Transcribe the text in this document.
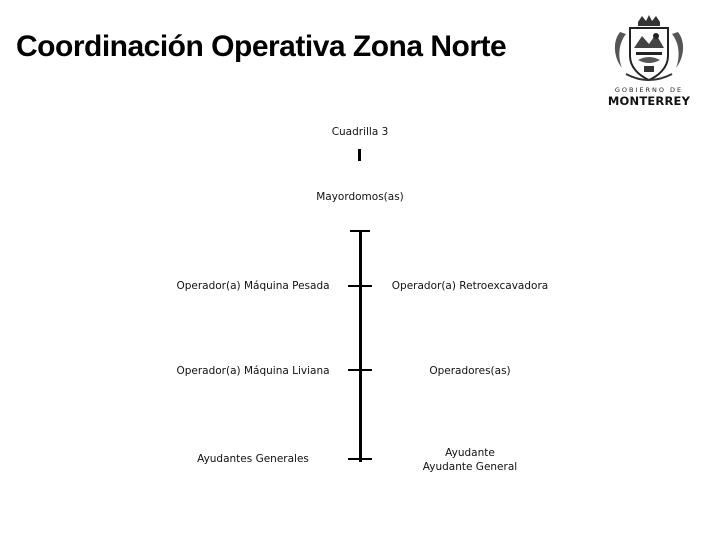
Coordinación Operativa Zona Norte
GOBIERNO DE
MONTERREY
Cuadrilla 3
Mayordomos(as)
Operador(a) Máquina Pesada
Operador(a) Máquina Liviana
Ayudantes Generales
Operador(a) Retroexcavadora
Operadores(as)
Ayudante
Ayudante General
